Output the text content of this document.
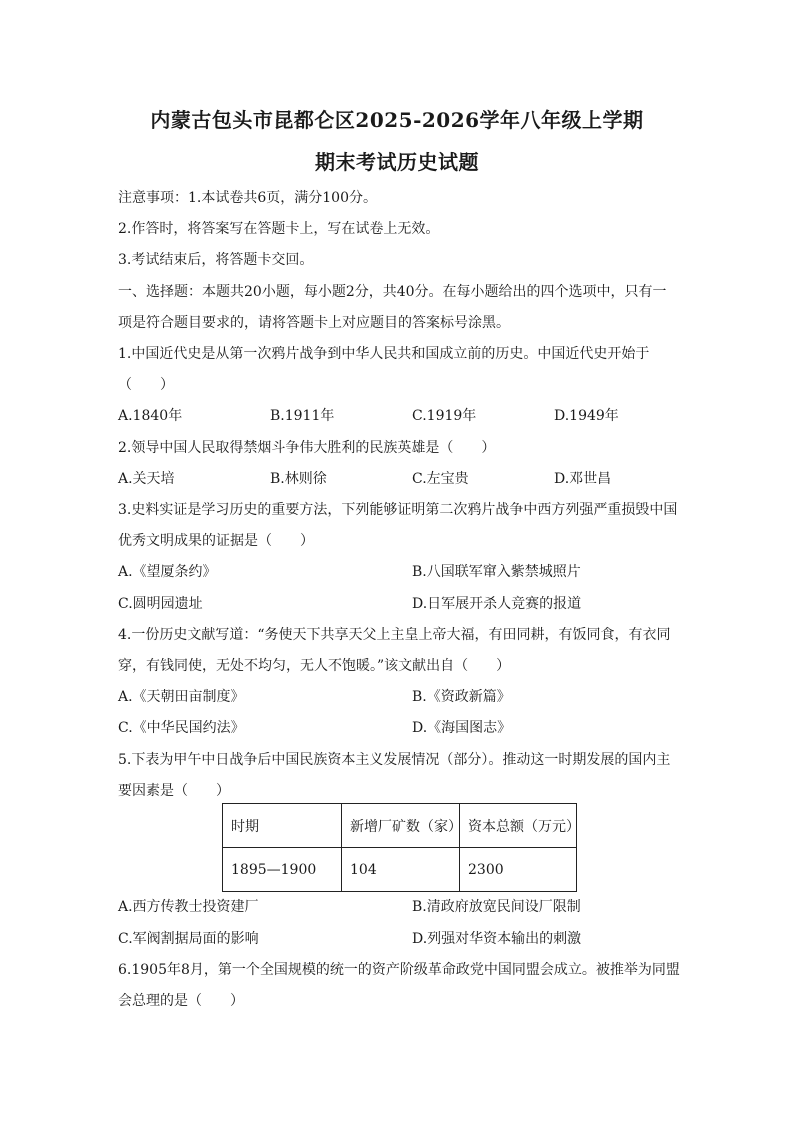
内蒙古包头市昆都仑区2025-2026学年八年级上学期
期末考试历史试题
注意事项：1.本试卷共6页，满分100分。
2.作答时，将答案写在答题卡上，写在试卷上无效。
3.考试结束后，将答题卡交回。
一、选择题：本题共20小题，每小题2分，共40分。在每小题给出的四个选项中，只有一
项是符合题目要求的，请将答题卡上对应题目的答案标号涂黑。
1.中国近代史是从第一次鸦片战争到中华人民共和国成立前的历史。中国近代史开始于
（　　）
A.1840年	B.1911年	C.1919年	D.1949年
2.领导中国人民取得禁烟斗争伟大胜利的民族英雄是（　　）
A.关天培	B.林则徐	C.左宝贵	D.邓世昌
3.史料实证是学习历史的重要方法，下列能够证明第二次鸦片战争中西方列强严重损毁中国
优秀文明成果的证据是（　　）
A.《望厦条约》	B.八国联军窜入紫禁城照片
C.圆明园遗址	D.日军展开杀人竞赛的报道
4.一份历史文献写道：“务使天下共享天父上主皇上帝大福，有田同耕，有饭同食，有衣同
穿，有钱同使，无处不均匀，无人不饱暖。”该文献出自（　　）
A.《天朝田亩制度》	B.《资政新篇》
C.《中华民国约法》	D.《海国图志》
5.下表为甲午中日战争后中国民族资本主义发展情况（部分）。推动这一时期发展的国内主
要因素是（　　）
时期	新增厂矿数（家）	资本总额（万元）
1895—1900	104	2300
A.西方传教士投资建厂	B.清政府放宽民间设厂限制
C.军阀割据局面的影响	D.列强对华资本输出的刺激
6.1905年8月，第一个全国规模的统一的资产阶级革命政党中国同盟会成立。被推举为同盟
会总理的是（　　）
